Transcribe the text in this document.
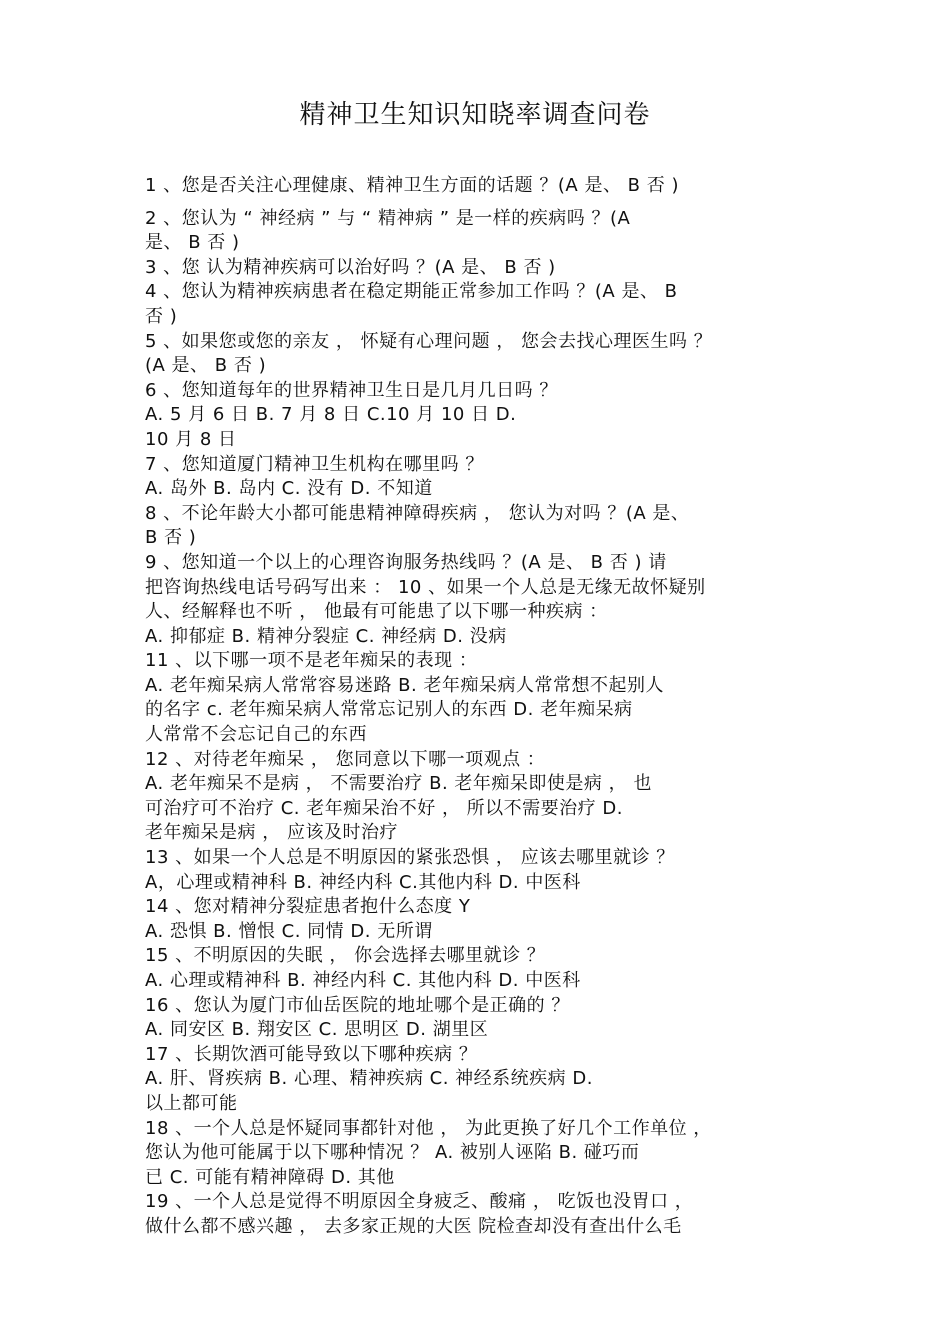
精神卫生知识知晓率调查问卷
1 、您是否关注心理健康、精神卫生方面的话题 ？(A 是、 B 否 )
2 、您认为 “ 神经病 ” 与 “ 精神病 ” 是一样的疾病吗 ？(A
是、 B 否 )
3 、您 认为精神疾病可以治好吗 ？(A 是、 B 否 )
4 、您认为精神疾病患者在稳定期能正常参加工作吗 ？(A 是、 B
否 )
5 、如果您或您的亲友 ， 怀疑有心理问题 ， 您会去找心理医生吗 ？
(A 是、 B 否 )
6 、您知道每年的世界精神卫生日是几月几日吗 ？
A. 5 月 6 日 B. 7 月 8 日 C.10 月 10 日 D.
10 月 8 日
7 、您知道厦门精神卫生机构在哪里吗 ？
A. 岛外 B. 岛内 C. 没有 D. 不知道
8 、不论年龄大小都可能患精神障碍疾病 ， 您认为对吗 ？(A 是、
B 否 )
9 、您知道一个以上的心理咨询服务热线吗 ？(A 是、 B 否 ) 请
把咨询热线电话号码写出来 ： 10 、如果一个人总是无缘无故怀疑别
人、经解释也不听 ， 他最有可能患了以下哪一种疾病 ：
A. 抑郁症 B. 精神分裂症 C. 神经病 D. 没病
11 、以下哪一项不是老年痴呆的表现 ：
A. 老年痴呆病人常常容易迷路 B. 老年痴呆病人常常想不起别人
的名字 c. 老年痴呆病人常常忘记别人的东西 D. 老年痴呆病
人常常不会忘记自己的东西
12 、对待老年痴呆 ， 您同意以下哪一项观点 ：
A. 老年痴呆不是病 ， 不需要治疗 B. 老年痴呆即使是病 ， 也
可治疗可不治疗 C. 老年痴呆治不好 ， 所以不需要治疗 D.
老年痴呆是病 ， 应该及时治疗
13 、如果一个人总是不明原因的紧张恐惧 ， 应该去哪里就诊 ？
A，心理或精神科 B. 神经内科 C.其他内科 D. 中医科
14 、您对精神分裂症患者抱什么态度 Y
A. 恐惧 B. 憎恨 C. 同情 D. 无所谓
15 、不明原因的失眠 ， 你会选择去哪里就诊 ？
A. 心理或精神科 B. 神经内科 C. 其他内科 D. 中医科
16 、您认为厦门市仙岳医院的地址哪个是正确的 ？
A. 同安区 B. 翔安区 C. 思明区 D. 湖里区
17 、长期饮酒可能导致以下哪种疾病 ？
A. 肝、肾疾病 B. 心理、精神疾病 C. 神经系统疾病 D.
以上都可能
18 、一个人总是怀疑同事都针对他 ， 为此更换了好几个工作单位 ，
您认为他可能属于以下哪种情况 ？ A. 被别人诬陷 B. 碰巧而
已 C. 可能有精神障碍 D. 其他
19 、一个人总是觉得不明原因全身疲乏、酸痛 ， 吃饭也没胃口 ，
做什么都不感兴趣 ， 去多家正规的大医 院检查却没有查出什么毛
